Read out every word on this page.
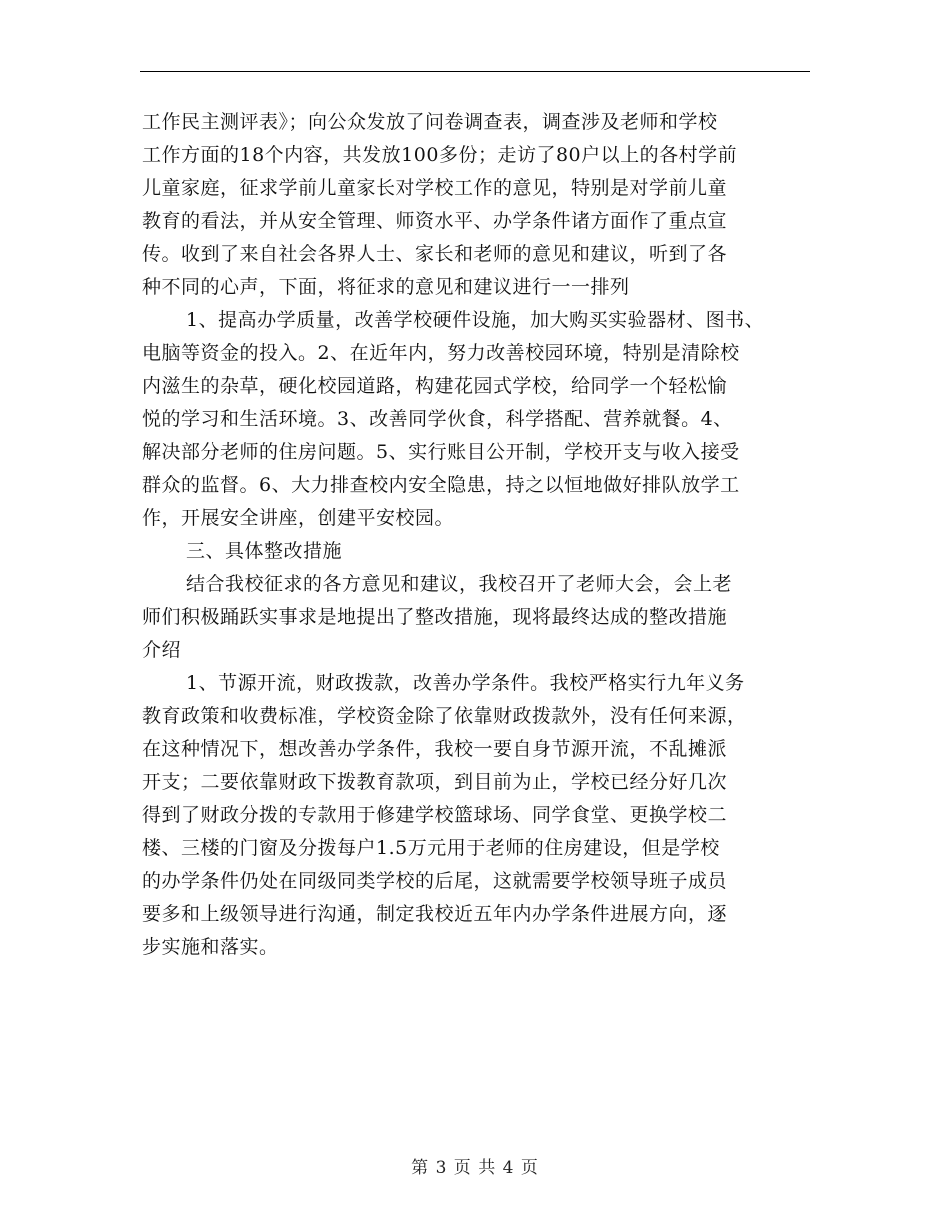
工作民主测评表》；向公众发放了问卷调查表，调查涉及老师和学校
工作方面的18个内容，共发放100多份；走访了80户以上的各村学前
儿童家庭，征求学前儿童家长对学校工作的意见，特别是对学前儿童
教育的看法，并从安全管理、师资水平、办学条件诸方面作了重点宣
传。收到了来自社会各界人士、家长和老师的意见和建议，听到了各
种不同的心声，下面，将征求的意见和建议进行一一排列
1、提高办学质量，改善学校硬件设施，加大购买实验器材、图书、
电脑等资金的投入。2、在近年内，努力改善校园环境，特别是清除校
内滋生的杂草，硬化校园道路，构建花园式学校，给同学一个轻松愉
悦的学习和生活环境。3、改善同学伙食，科学搭配、营养就餐。4、
解决部分老师的住房问题。5、实行账目公开制，学校开支与收入接受
群众的监督。6、大力排查校内安全隐患，持之以恒地做好排队放学工
作，开展安全讲座，创建平安校园。
三、具体整改措施
结合我校征求的各方意见和建议，我校召开了老师大会，会上老
师们积极踊跃实事求是地提出了整改措施，现将最终达成的整改措施
介绍
1、节源开流，财政拨款，改善办学条件。我校严格实行九年义务
教育政策和收费标准，学校资金除了依靠财政拨款外，没有任何来源，
在这种情况下，想改善办学条件，我校一要自身节源开流，不乱摊派
开支；二要依靠财政下拨教育款项，到目前为止，学校已经分好几次
得到了财政分拨的专款用于修建学校篮球场、同学食堂、更换学校二
楼、三楼的门窗及分拨每户1.5万元用于老师的住房建设，但是学校
的办学条件仍处在同级同类学校的后尾，这就需要学校领导班子成员
要多和上级领导进行沟通，制定我校近五年内办学条件进展方向，逐
步实施和落实。
第 3 页 共 4 页
